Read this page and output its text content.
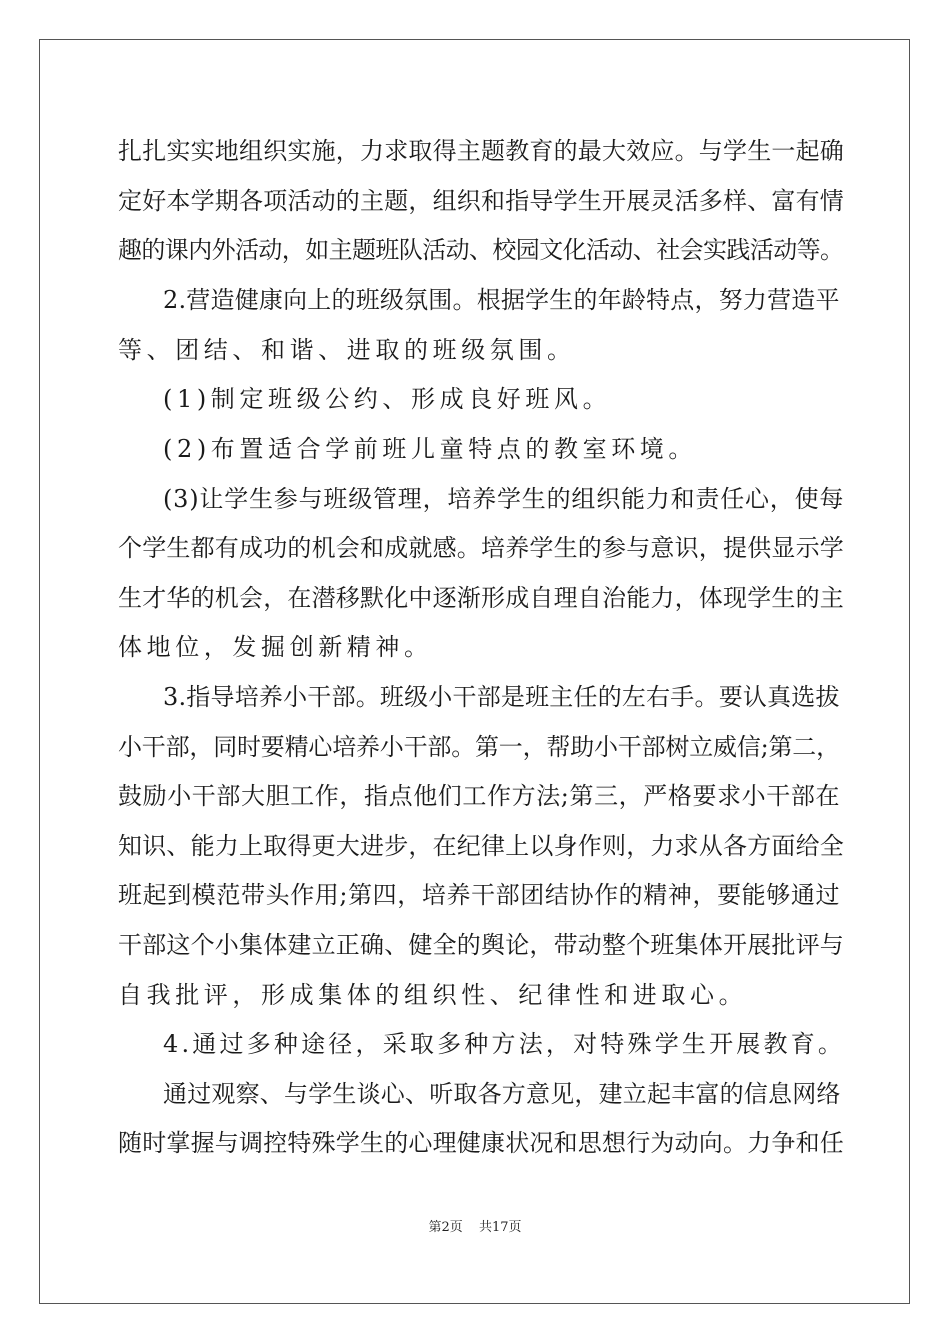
扎扎实实地组织实施，力求取得主题教育的最大效应。与学生一起确
定好本学期各项活动的主题，组织和指导学生开展灵活多样、富有情
趣的课内外活动，如主题班队活动、校园文化活动、社会实践活动等。
2.营造健康向上的班级氛围。根据学生的年龄特点，努力营造平
等、团结、和谐、进取的班级氛围。
(1)制定班级公约、形成良好班风。
(2)布置适合学前班儿童特点的教室环境。
(3)让学生参与班级管理，培养学生的组织能力和责任心，使每
个学生都有成功的机会和成就感。培养学生的参与意识，提供显示学
生才华的机会，在潜移默化中逐渐形成自理自治能力，体现学生的主
体地位，发掘创新精神。
3.指导培养小干部。班级小干部是班主任的左右手。要认真选拔
小干部，同时要精心培养小干部。第一，帮助小干部树立威信;第二，
鼓励小干部大胆工作，指点他们工作方法;第三，严格要求小干部在
知识、能力上取得更大进步，在纪律上以身作则，力求从各方面给全
班起到模范带头作用;第四，培养干部团结协作的精神，要能够通过
干部这个小集体建立正确、健全的舆论，带动整个班集体开展批评与
自我批评，形成集体的组织性、纪律性和进取心。
4.通过多种途径，采取多种方法，对特殊学生开展教育。
通过观察、与学生谈心、听取各方意见，建立起丰富的信息网络
随时掌握与调控特殊学生的心理健康状况和思想行为动向。力争和任
第2页 共17页
